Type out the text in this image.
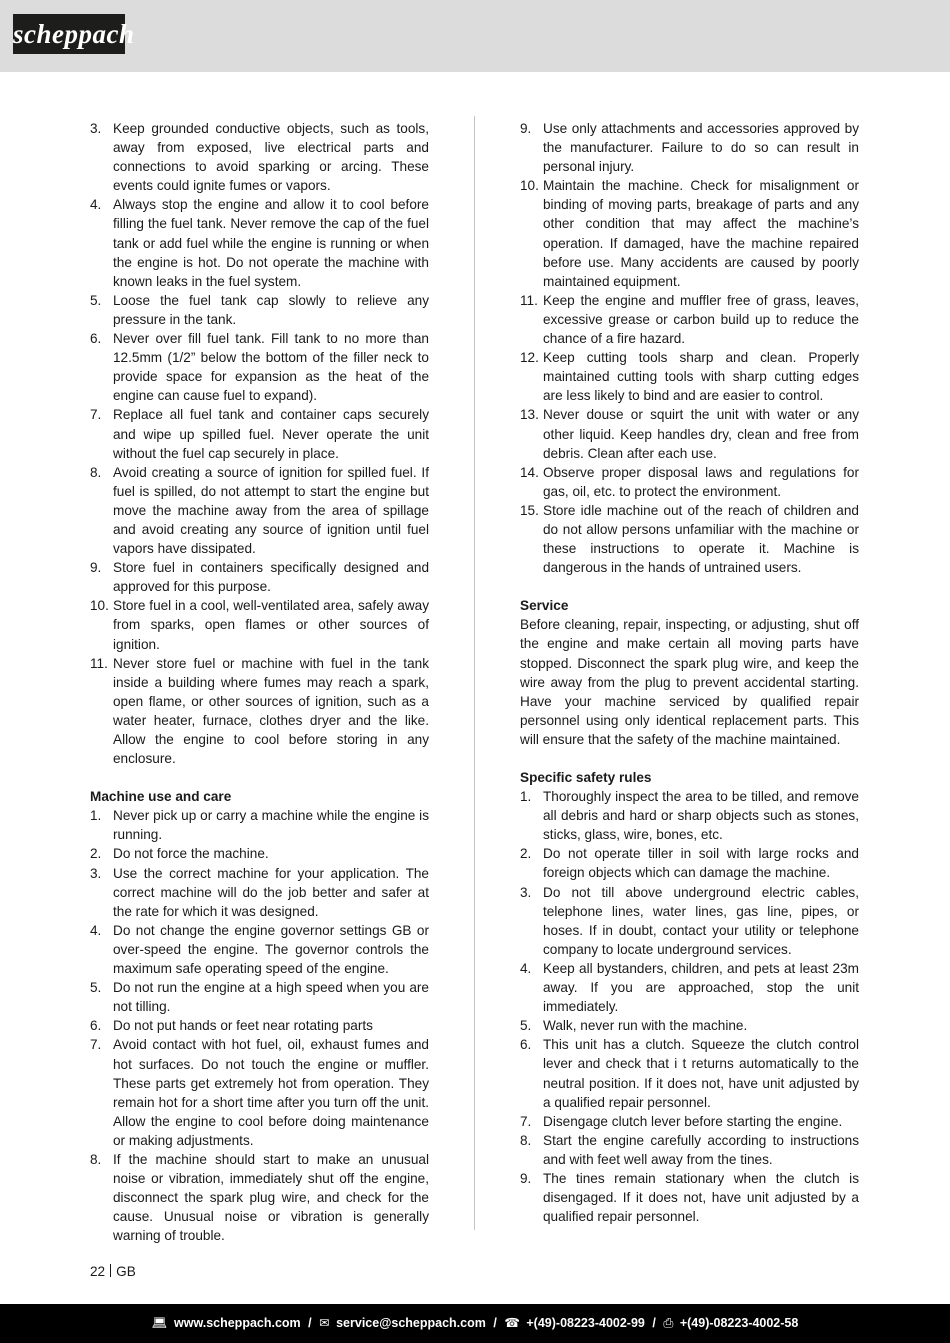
scheppach
3. Keep grounded conductive objects, such as tools, away from exposed, live electrical parts and connections to avoid sparking or arcing. These events could ignite fumes or vapors.
4. Always stop the engine and allow it to cool before filling the fuel tank. Never remove the cap of the fuel tank or add fuel while the engine is running or when the engine is hot. Do not operate the machine with known leaks in the fuel system.
5. Loose the fuel tank cap slowly to relieve any pressure in the tank.
6. Never over fill fuel tank. Fill tank to no more than 12.5mm (1/2” below the bottom of the filler neck to provide space for expansion as the heat of the engine can cause fuel to expand).
7. Replace all fuel tank and container caps securely and wipe up spilled fuel. Never operate the unit without the fuel cap securely in place.
8. Avoid creating a source of ignition for spilled fuel. If fuel is spilled, do not attempt to start the engine but move the machine away from the area of spillage and avoid creating any source of ignition until fuel vapors have dissipated.
9. Store fuel in containers specifically designed and approved for this purpose.
10. Store fuel in a cool, well-ventilated area, safely away from sparks, open flames or other sources of ignition.
11. Never store fuel or machine with fuel in the tank inside a building where fumes may reach a spark, open flame, or other sources of ignition, such as a water heater, furnace, clothes dryer and the like. Allow the engine to cool before storing in any enclosure.
Machine use and care
1. Never pick up or carry a machine while the engine is running.
2. Do not force the machine.
3. Use the correct machine for your application. The correct machine will do the job better and safer at the rate for which it was designed.
4. Do not change the engine governor settings GB or over-speed the engine. The governor controls the maximum safe operating speed of the engine.
5. Do not run the engine at a high speed when you are not tilling.
6. Do not put hands or feet near rotating parts
7. Avoid contact with hot fuel, oil, exhaust fumes and hot surfaces. Do not touch the engine or muffler. These parts get extremely hot from operation. They remain hot for a short time after you turn off the unit. Allow the engine to cool before doing maintenance or making adjustments.
8. If the machine should start to make an unusual noise or vibration, immediately shut off the engine, disconnect the spark plug wire, and check for the cause. Unusual noise or vibration is generally warning of trouble.
9. Use only attachments and accessories approved by the manufacturer. Failure to do so can result in personal injury.
10. Maintain the machine. Check for misalignment or binding of moving parts, breakage of parts and any other condition that may affect the machine’s operation. If damaged, have the machine repaired before use. Many accidents are caused by poorly maintained equipment.
11. Keep the engine and muffler free of grass, leaves, excessive grease or carbon build up to reduce the chance of a fire hazard.
12. Keep cutting tools sharp and clean. Properly maintained cutting tools with sharp cutting edges are less likely to bind and are easier to control.
13. Never douse or squirt the unit with water or any other liquid. Keep handles dry, clean and free from debris. Clean after each use.
14. Observe proper disposal laws and regulations for gas, oil, etc. to protect the environment.
15. Store idle machine out of the reach of children and do not allow persons unfamiliar with the machine or these instructions to operate it. Machine is dangerous in the hands of untrained users.
Service

Before cleaning, repair, inspecting, or adjusting, shut off the engine and make certain all moving parts have stopped. Disconnect the spark plug wire, and keep the wire away from the plug to prevent accidental starting. Have your machine serviced by qualified repair personnel using only identical replacement parts. This will ensure that the safety of the machine maintained.

Specific safety rules
1. Thoroughly inspect the area to be tilled, and remove all debris and hard or sharp objects such as stones, sticks, glass, wire, bones, etc.
2. Do not operate tiller in soil with large rocks and foreign objects which can damage the machine.
3. Do not till above underground electric cables, telephone lines, water lines, gas line, pipes, or hoses. If in doubt, contact your utility or telephone company to locate underground services.
4. Keep all bystanders, children, and pets at least 23m away. If you are approached, stop the unit immediately.
5. Walk, never run with the machine.
6. This unit has a clutch. Squeeze the clutch control lever and check that i t returns automatically to the neutral position. If it does not, have unit adjusted by a qualified repair personnel.
7. Disengage clutch lever before starting the engine.
8. Start the engine carefully according to instructions and with feet well away from the tines.
9. The tines remain stationary when the clutch is disengaged. If it does not, have unit adjusted by a qualified repair personnel.
22 GB
💻︎ www.scheppach.com / ✉ service@scheppach.com / ☎ +(49)-08223-4002-99 / ⎙ +(49)-08223-4002-58
